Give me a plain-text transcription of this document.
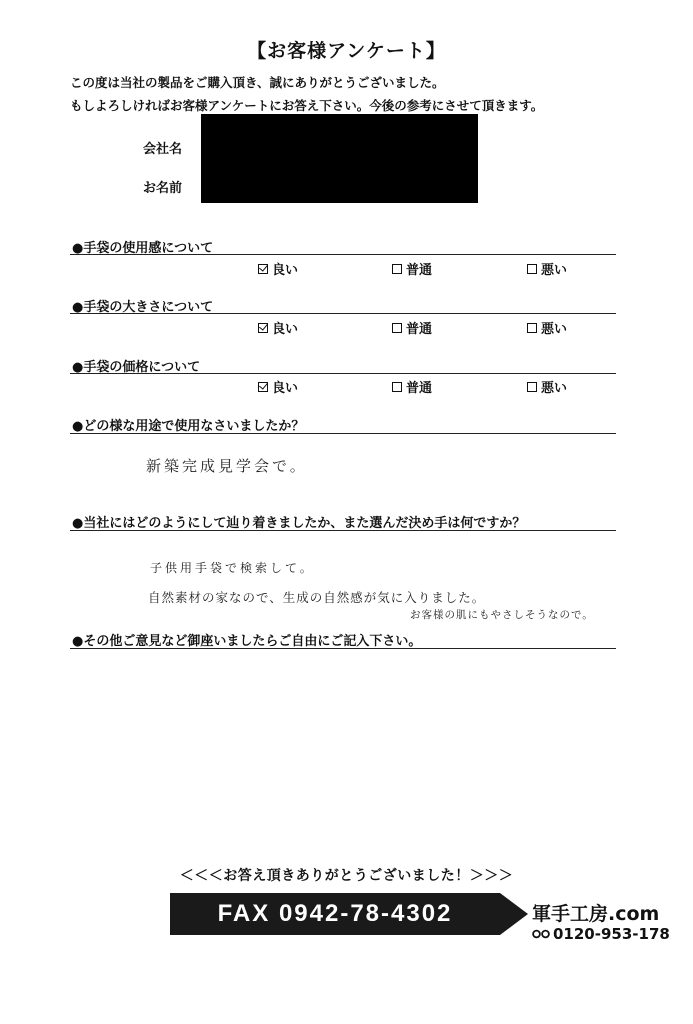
【お客様アンケート】
この度は当社の製品をご購入頂き、誠にありがとうございました。
もしよろしければお客様アンケートにお答え下さい。今後の参考にさせて頂きます。
会社名
お名前
●手袋の使用感について
良い	普通	悪い
●手袋の大きさについて
良い	普通	悪い
●手袋の価格について
良い	普通	悪い
●どの様な用途で使用なさいましたか？
新築完成見学会で。
●当社にはどのようにして辿り着きましたか、また選んだ決め手は何ですか？
子供用手袋で検索して。
自然素材の家なので、生成の自然感が気に入りました。
お客様の肌にもやさしそうなので。
●その他ご意見など御座いましたらご自由にご記入下さい。
＜＜＜お答え頂きありがとうございました！＞＞＞
FAX 0942-78-4302	軍手工房.com
0120-953-178
